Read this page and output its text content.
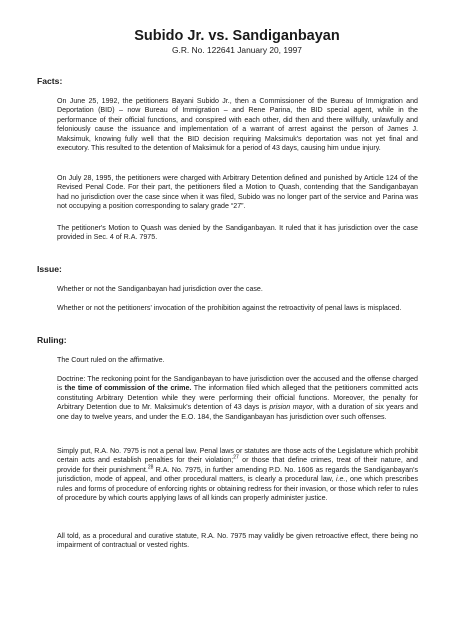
Subido Jr. vs. Sandiganbayan
G.R. No. 122641 January 20, 1997
Facts:

On June 25, 1992, the petitioners Bayani Subido Jr., then a Commissioner of the Bureau of Immigration and Deportation (BID) – now Bureau of Immigration – and Rene Parina, the BID special agent, while in the performance of their official functions, and conspired with each other, did then and there willfully, unlawfully and feloniously cause the issuance and implementation of a warrant of arrest against the person of James J. Maksimuk, knowing fully well that the BID decision requiring Maksimuk's deportation was not yet final and executory. This resulted to the detention of Maksimuk for a period of 43 days, causing him undue injury.

On July 28, 1995, the petitioners were charged with Arbitrary Detention defined and punished by Article 124 of the Revised Penal Code. For their part, the petitioners filed a Motion to Quash, contending that the Sandiganbayan had no jurisdiction over the case since when it was filed, Subido was no longer part of the service and Parina was not occupying a position corresponding to salary grade “27”.

The petitioner's Motion to Quash was denied by the Sandiganbayan. It ruled that it has jurisdiction over the case provided in Sec. 4 of R.A. 7975.

Issue:

Whether or not the Sandiganbayan had jurisdiction over the case.

Whether or not the petitioners' invocation of the prohibition against the retroactivity of penal laws is misplaced.

Ruling:

The Court ruled on the affirmative.

Doctrine: The reckoning point for the Sandiganbayan to have jurisdiction over the accused and the offense charged is the time of commission of the crime. The information filed which alleged that the petitioners committed acts constituting Arbitrary Detention while they were performing their official functions. Moreover, the penalty for Arbitrary Detention due to Mr. Maksimuk's detention of 43 days is prision mayor, with a duration of six years and one day to twelve years, and under the E.O. 184, the Sandiganbayan has jurisdiction over such offenses.

Simply put, R.A. No. 7975 is not a penal law. Penal laws or statutes are those acts of the Legislature which prohibit certain acts and establish penalties for their violation;$^{27}$ or those that define crimes, treat of their nature, and provide for their punishment.$^{28}$ R.A. No. 7975, in further amending P.D. No. 1606 as regards the Sandiganbayan's jurisdiction, mode of appeal, and other procedural matters, is clearly a procedural law, i.e., one which prescribes rules and forms of procedure of enforcing rights or obtaining redress for their invasion, or those which refer to rules of procedure by which courts applying laws of all kinds can properly administer justice.

All told, as a procedural and curative statute, R.A. No. 7975 may validly be given retroactive effect, there being no impairment of contractual or vested rights.
